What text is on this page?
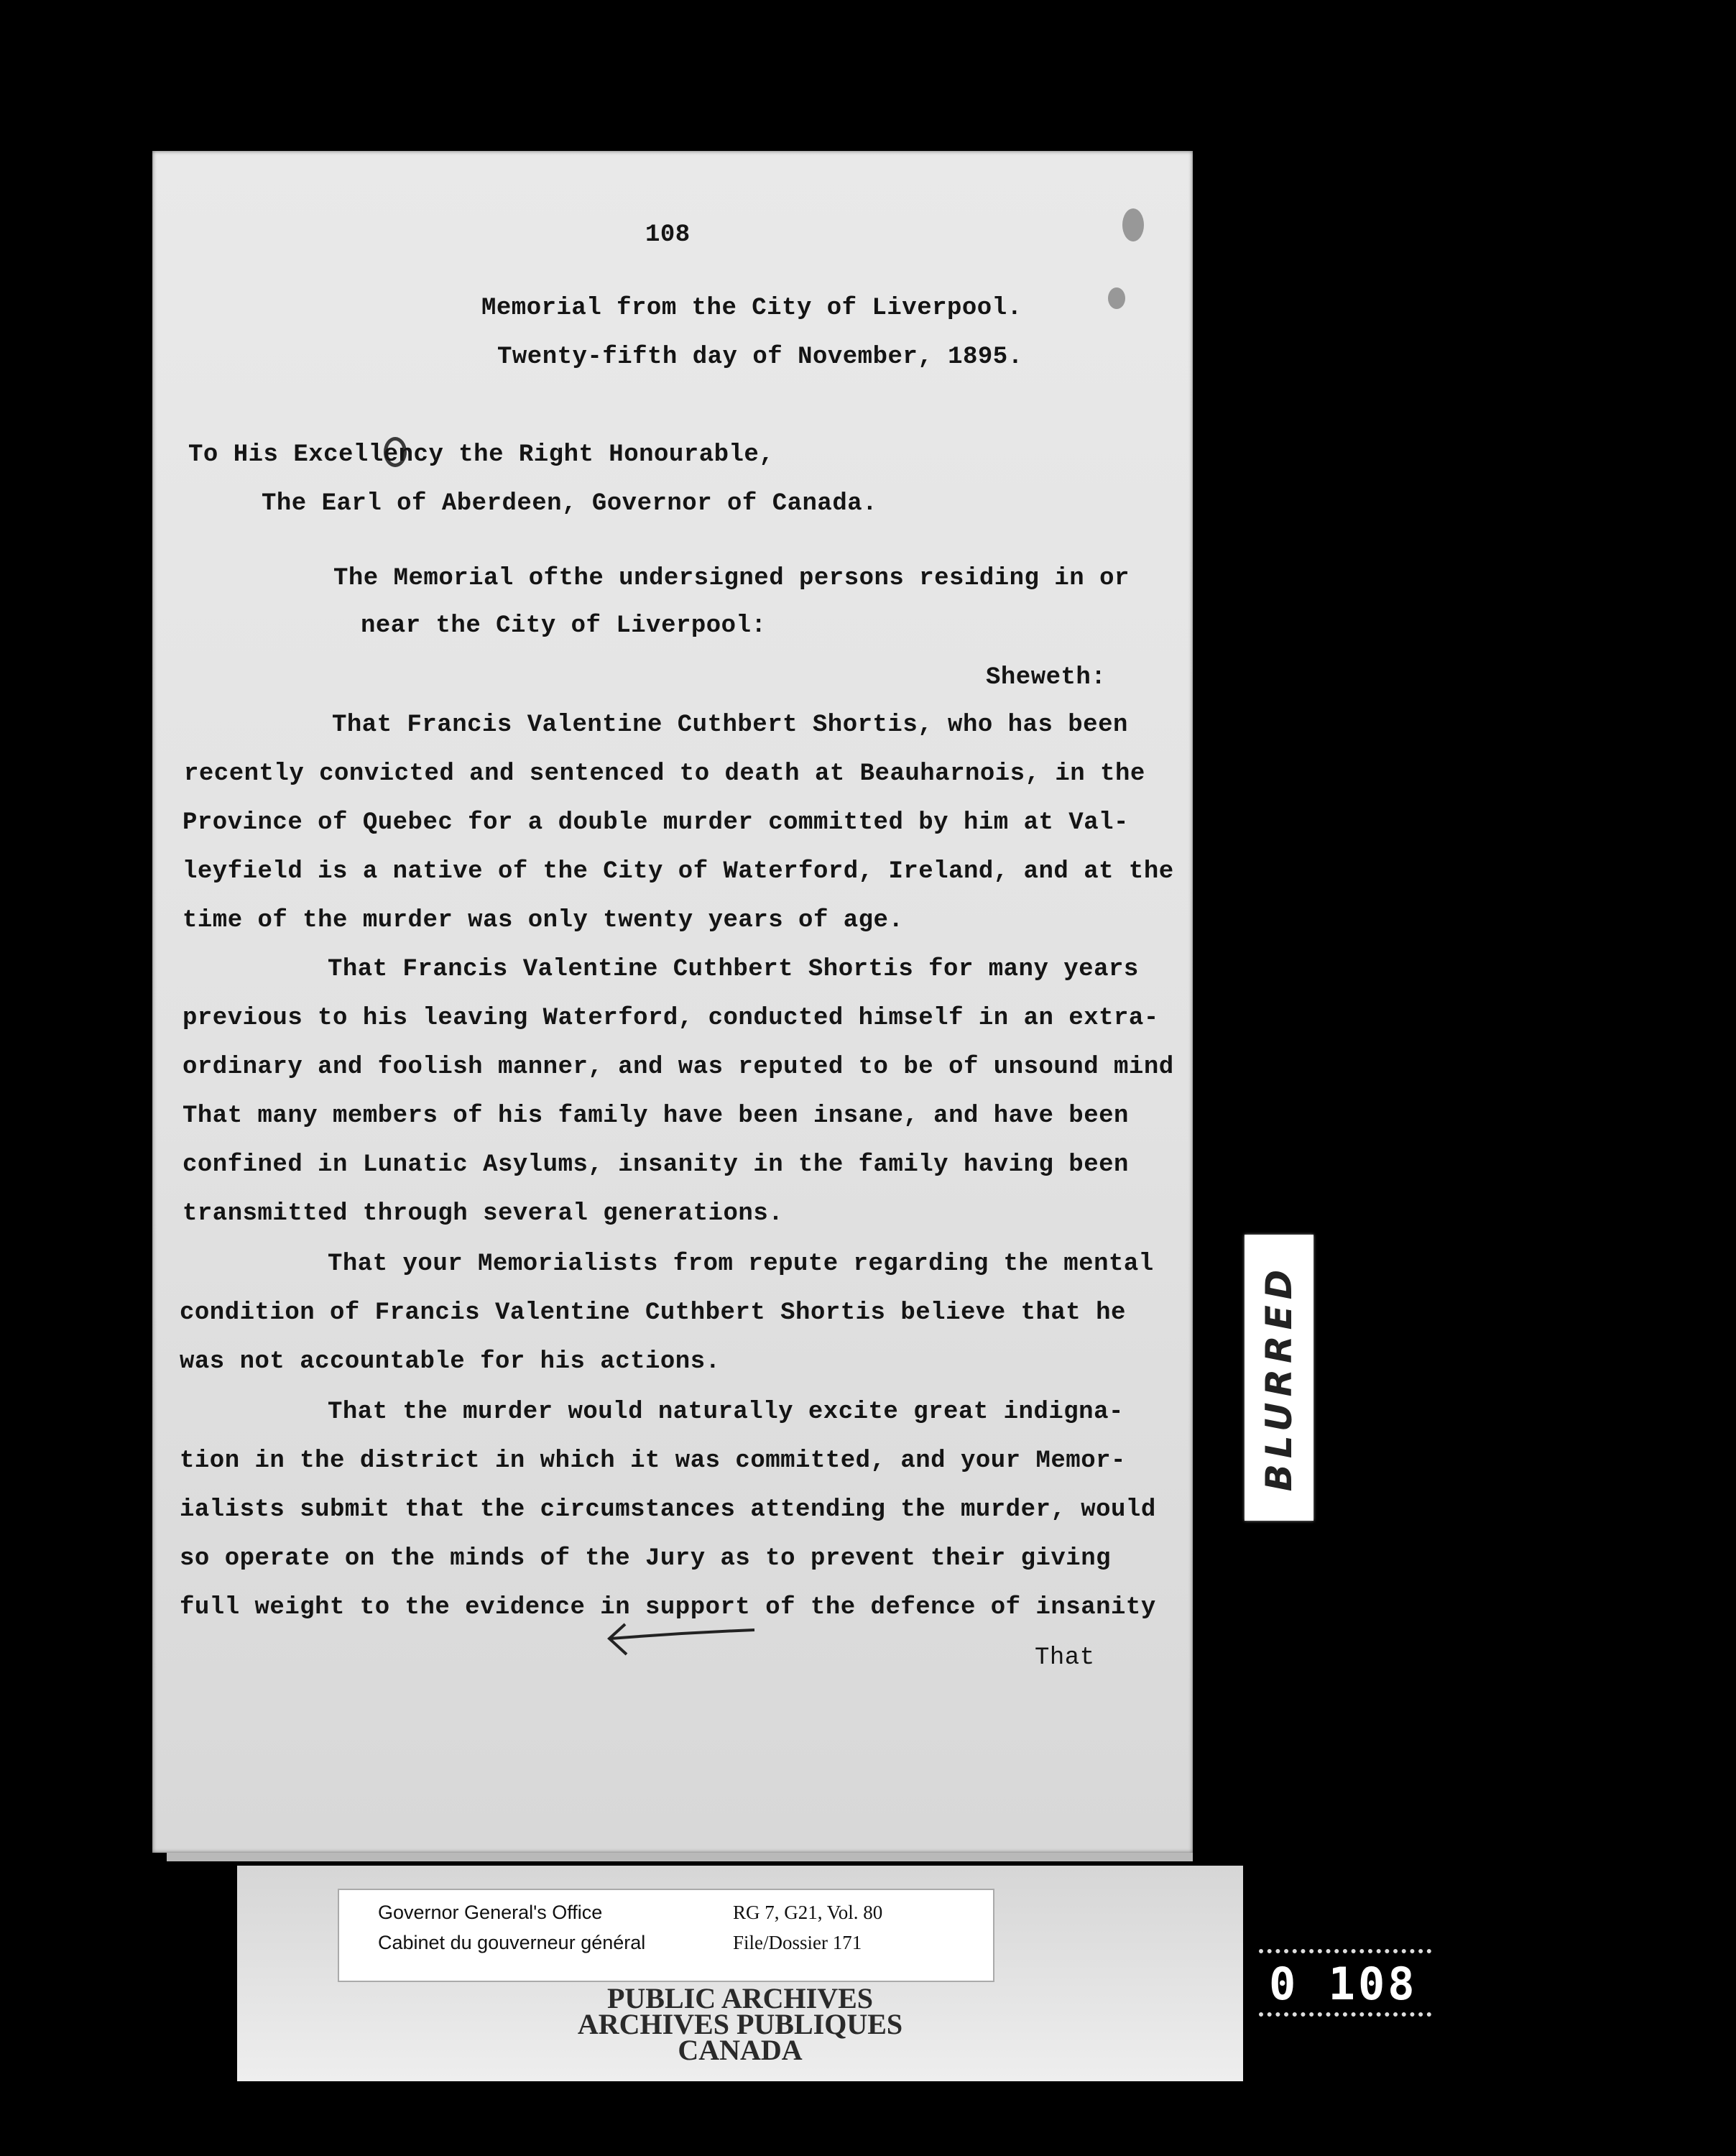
108
Memorial from the City of Liverpool.
Twenty-fifth day of November, 1895.
To His Excellency the Right Honourable,
The Earl of Aberdeen, Governor of Canada.
The Memorial ofthe undersigned persons residing in or
near the City of Liverpool:
Sheweth:
That Francis Valentine Cuthbert Shortis, who has been
recently convicted and sentenced to death at Beauharnois, in the
Province of Quebec for a double murder committed by him at Val-
leyfield is a native of the City of Waterford, Ireland, and at the
time of the murder was only twenty years of age.
That Francis Valentine Cuthbert Shortis for many years
previous to his leaving Waterford, conducted himself in an extra-
ordinary and foolish manner, and was reputed to be of unsound mind
That many members of his family have been insane, and have been
confined in Lunatic Asylums, insanity in the family having been
transmitted through several generations.
That your Memorialists from repute regarding the mental
condition of Francis Valentine Cuthbert Shortis believe that he
was not accountable for his actions.
That the murder would naturally excite great indigna-
tion in the district in which it was committed, and your Memor-
ialists submit that the circumstances attending the murder, would
so operate on the minds of the Jury as to prevent their giving
full weight to the evidence in support of the defence of insanity
That
BLURRED
PUBLIC ARCHIVES
ARCHIVES PUBLIQUES
CANADA
Governor General's Office
Cabinet du gouverneur général
RG 7, G21, Vol. 80
File/Dossier 171
0 108
